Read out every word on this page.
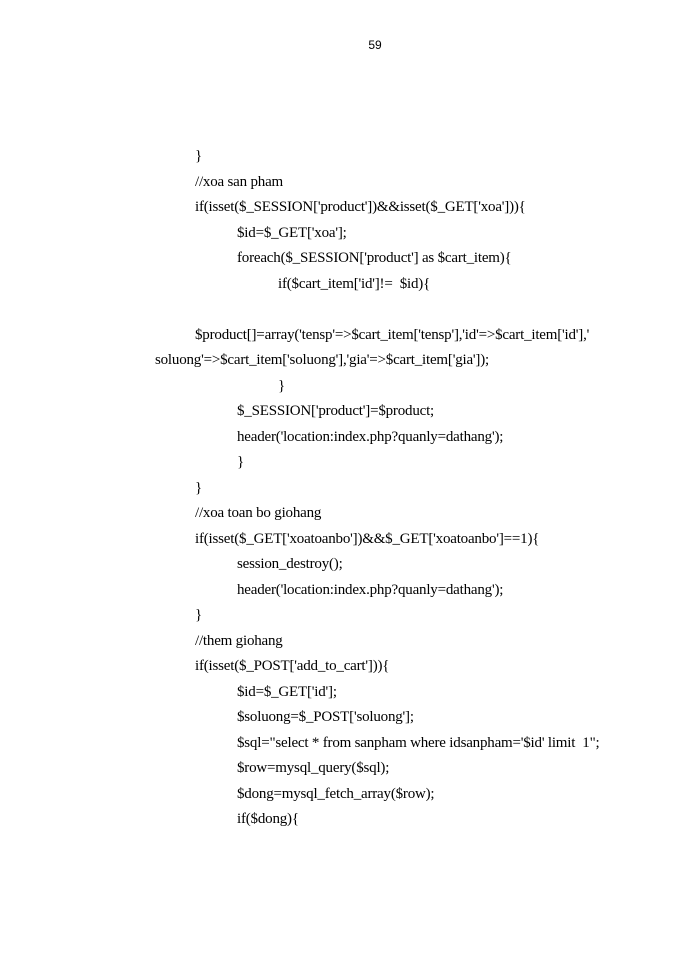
59
}
//xoa san pham
if(isset($_SESSION['product'])&&isset($_GET['xoa'])){
$id=$_GET['xoa'];
foreach($_SESSION['product'] as $cart_item){
if($cart_item['id']!=  $id){
$product[]=array('tensp'=>$cart_item['tensp'],'id'=>$cart_item['id'],'
soluong'=>$cart_item['soluong'],'gia'=>$cart_item['gia']);
}
$_SESSION['product']=$product;
header('location:index.php?quanly=dathang');
}
}
//xoa toan bo giohang
if(isset($_GET['xoatoanbo'])&&$_GET['xoatoanbo']==1){
session_destroy();
header('location:index.php?quanly=dathang');
}
//them giohang
if(isset($_POST['add_to_cart'])){
$id=$_GET['id'];
$soluong=$_POST['soluong'];
$sql="select * from sanpham where idsanpham='$id' limit  1";
$row=mysql_query($sql);
$dong=mysql_fetch_array($row);
if($dong){
